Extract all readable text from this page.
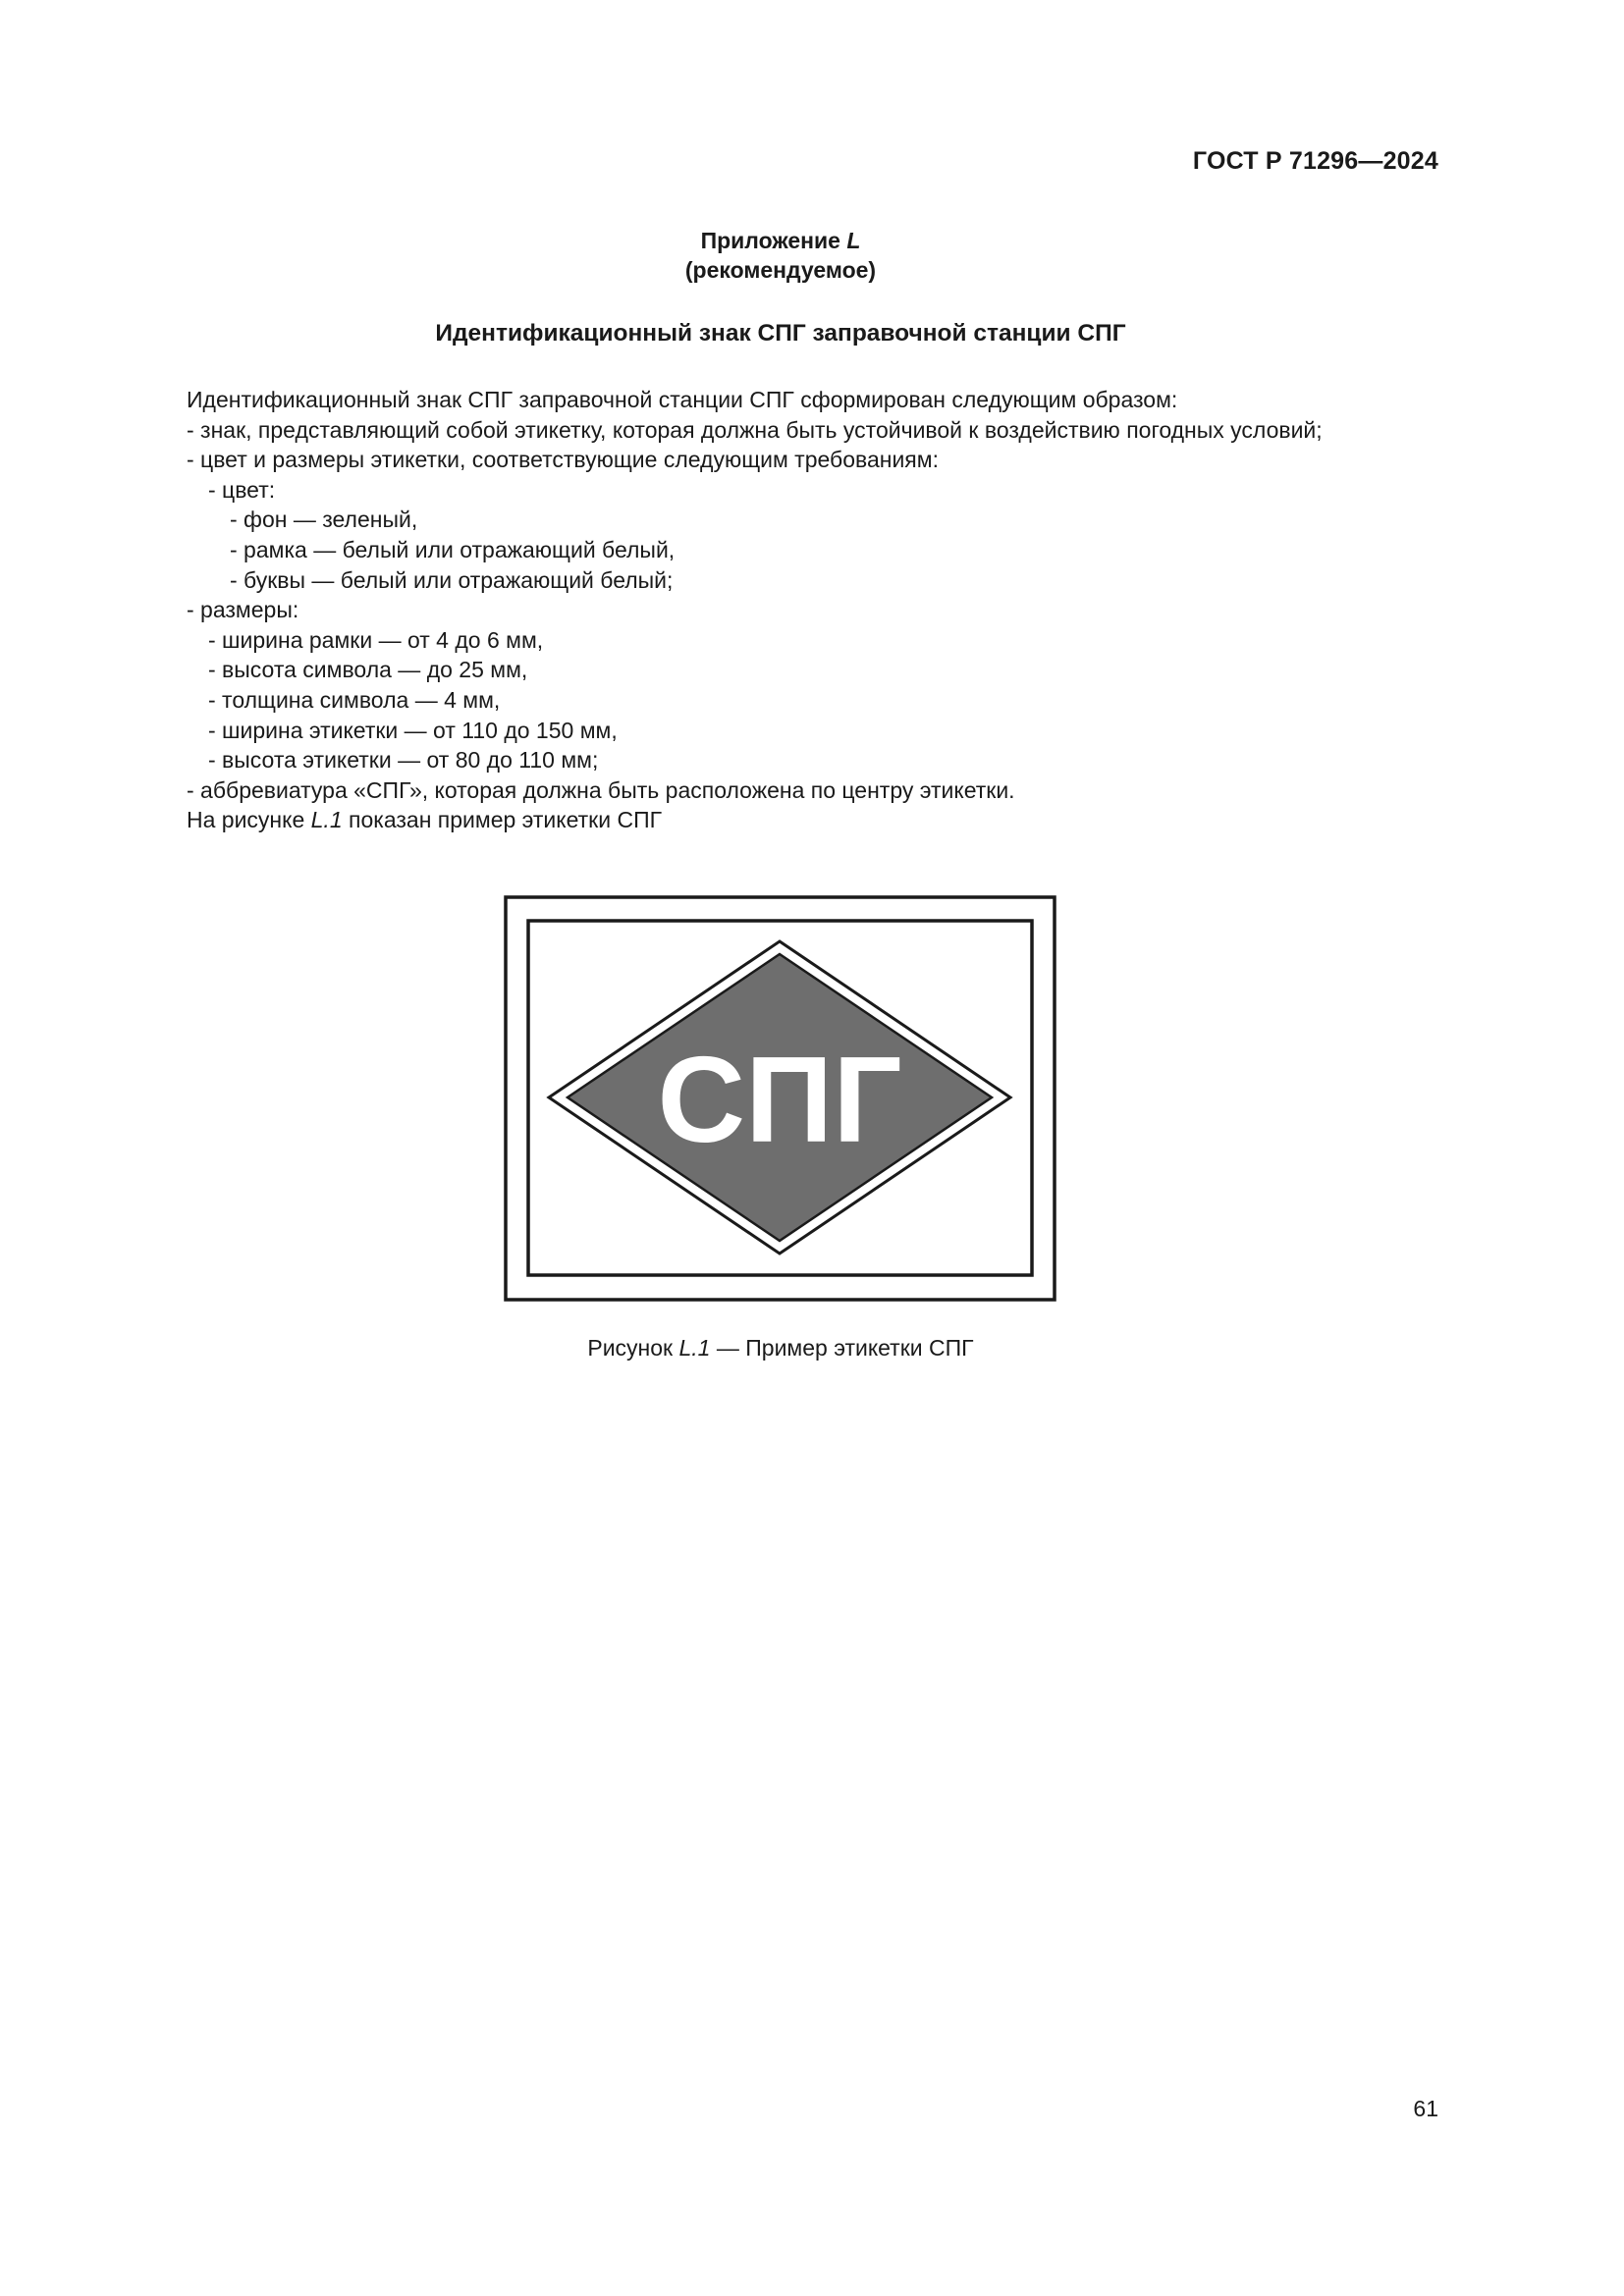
ГОСТ Р 71296—2024
Приложение L
(рекомендуемое)
Идентификационный знак СПГ заправочной станции СПГ
Идентификационный знак СПГ заправочной станции СПГ сформирован следующим образом:
- знак, представляющий собой этикетку, которая должна быть устойчивой к воздействию погодных условий;
- цвет и размеры этикетки, соответствующие следующим требованиям:
- цвет:
- фон — зеленый,
- рамка — белый или отражающий белый,
- буквы — белый или отражающий белый;
- размеры:
- ширина рамки — от 4 до 6 мм,
- высота символа — до 25 мм,
- толщина символа — 4 мм,
- ширина этикетки — от 110 до 150 мм,
- высота этикетки — от 80 до 110 мм;
- аббревиатура «СПГ», которая должна быть расположена по центру этикетки.
На рисунке L.1 показан пример этикетки СПГ
СПГ
Рисунок L.1 — Пример этикетки СПГ
61
